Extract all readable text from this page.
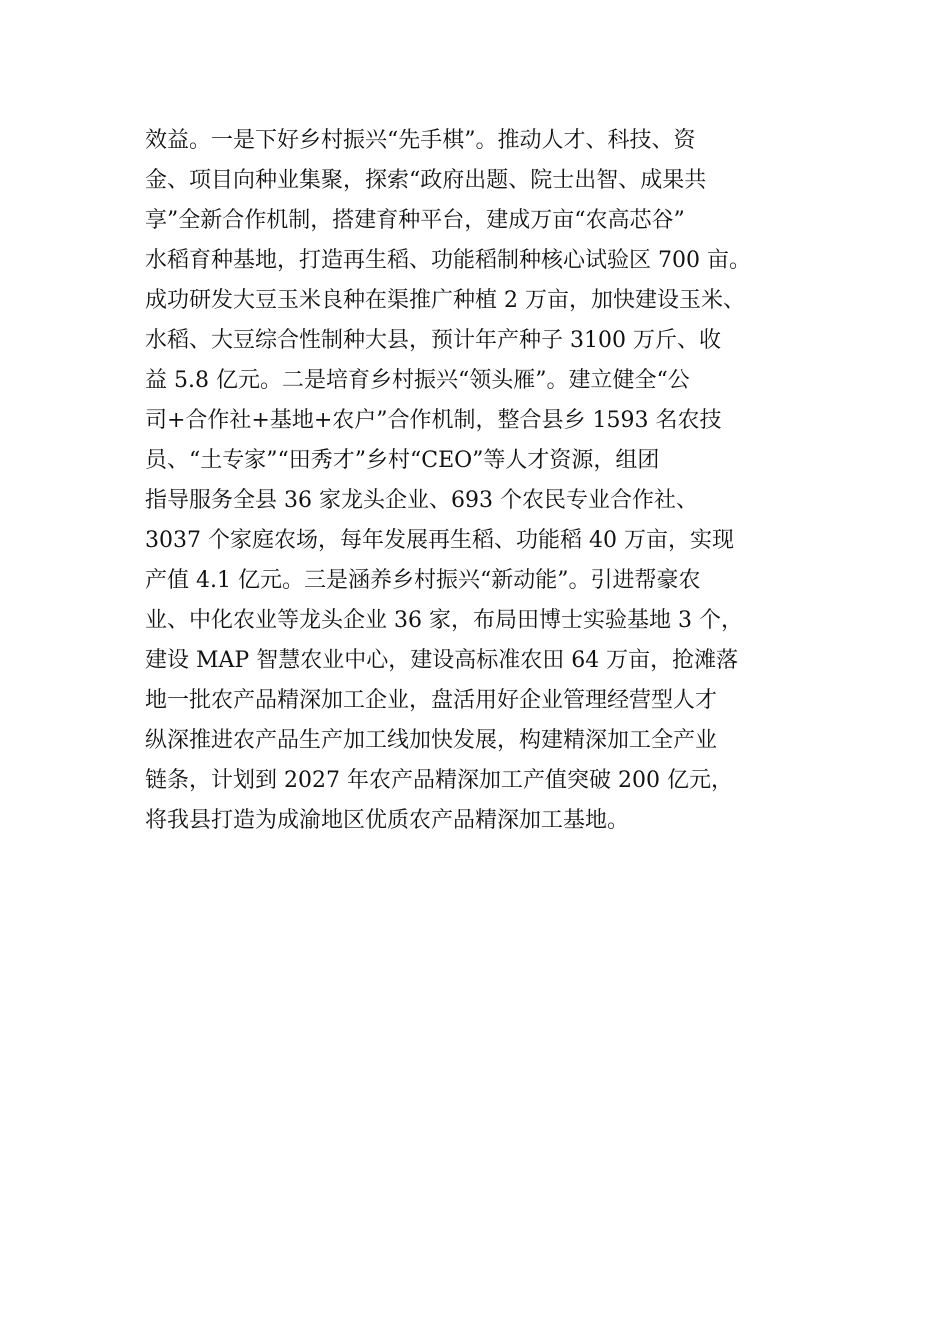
效益。一是下好乡村振兴“先手棋”。推动人才、科技、资
金、项目向种业集聚，探索“政府出题、院士出智、成果共
享”全新合作机制，搭建育种平台，建成万亩“农高芯谷”
水稻育种基地，打造再生稻、功能稻制种核心试验区 700 亩。
成功研发大豆玉米良种在渠推广种植 2 万亩，加快建设玉米、
水稻、大豆综合性制种大县，预计年产种子 3100 万斤、收
益 5.8 亿元。二是培育乡村振兴“领头雁”。建立健全“公
司+合作社+基地+农户”合作机制，整合县乡 1593 名农技
员、“土专家”“田秀才”乡村“CEO”等人才资源，组团
指导服务全县 36 家龙头企业、693 个农民专业合作社、
3037 个家庭农场，每年发展再生稻、功能稻 40 万亩，实现
产值 4.1 亿元。三是涵养乡村振兴“新动能”。引进帮豪农
业、中化农业等龙头企业 36 家，布局田博士实验基地 3 个，
建设 MAP 智慧农业中心，建设高标准农田 64 万亩，抢滩落
地一批农产品精深加工企业，盘活用好企业管理经营型人才
纵深推进农产品生产加工线加快发展，构建精深加工全产业
链条，计划到 2027 年农产品精深加工产值突破 200 亿元，
将我县打造为成渝地区优质农产品精深加工基地。
